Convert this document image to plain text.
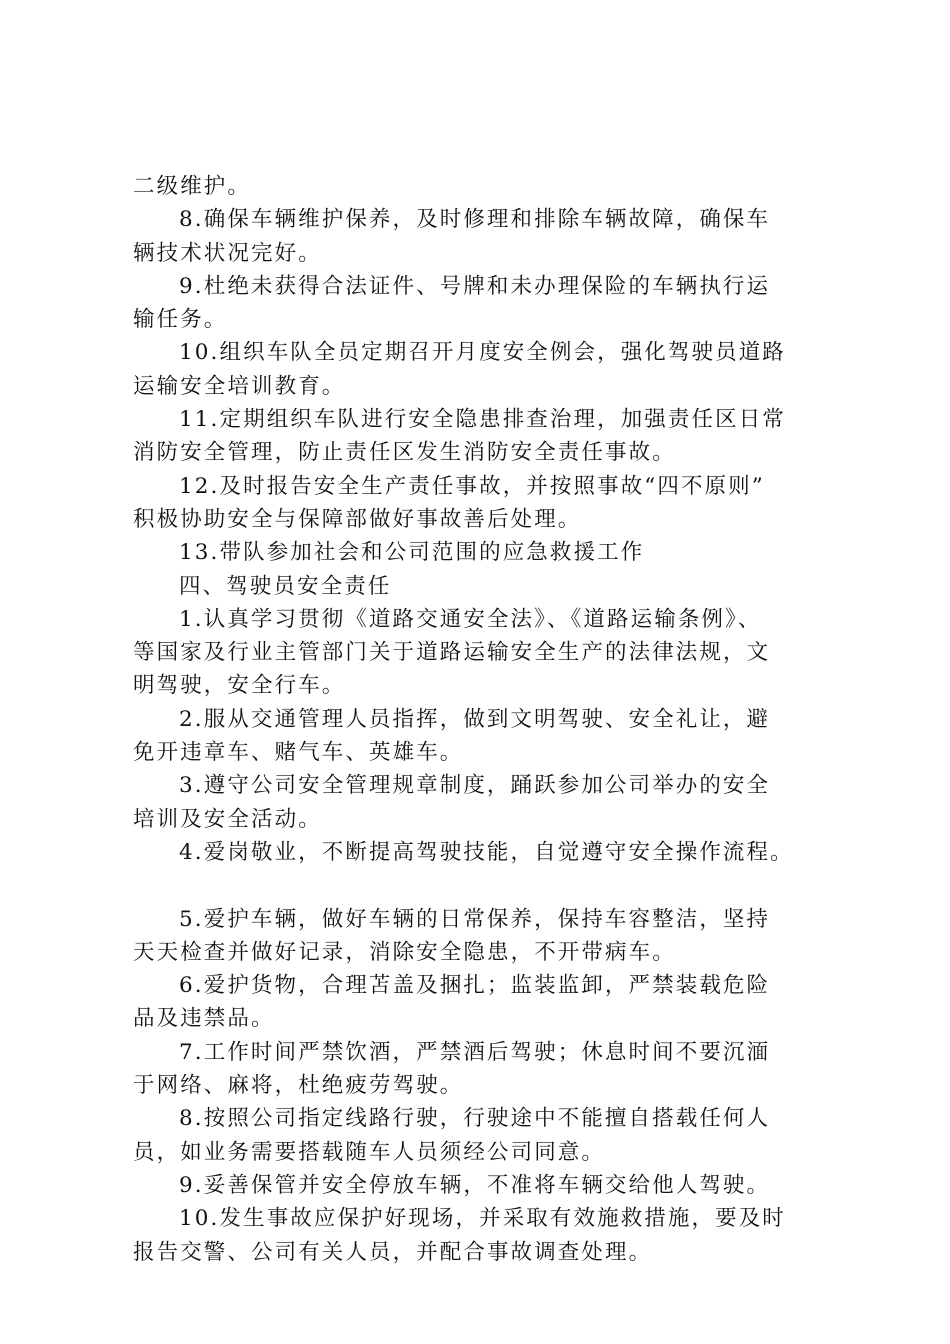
二级维护。
8.确保车辆维护保养，及时修理和排除车辆故障，确保车
辆技术状况完好。
9.杜绝未获得合法证件、号牌和未办理保险的车辆执行运
输任务。
10.组织车队全员定期召开月度安全例会，强化驾驶员道路
运输安全培训教育。
11.定期组织车队进行安全隐患排查治理，加强责任区日常
消防安全管理，防止责任区发生消防安全责任事故。
12.及时报告安全生产责任事故，并按照事故“四不原则”
积极协助安全与保障部做好事故善后处理。
13.带队参加社会和公司范围的应急救援工作
四、驾驶员安全责任
1.认真学习贯彻《道路交通安全法》、《道路运输条例》、
等国家及行业主管部门关于道路运输安全生产的法律法规，文
明驾驶，安全行车。
2.服从交通管理人员指挥，做到文明驾驶、安全礼让，避
免开违章车、赌气车、英雄车。
3.遵守公司安全管理规章制度，踊跃参加公司举办的安全
培训及安全活动。
4.爱岗敬业，不断提高驾驶技能，自觉遵守安全操作流程。
5.爱护车辆，做好车辆的日常保养，保持车容整洁，坚持
天天检查并做好记录，消除安全隐患，不开带病车。
6.爱护货物，合理苫盖及捆扎；监装监卸，严禁装载危险
品及违禁品。
7.工作时间严禁饮酒，严禁酒后驾驶；休息时间不要沉湎
于网络、麻将，杜绝疲劳驾驶。
8.按照公司指定线路行驶，行驶途中不能擅自搭载任何人
员，如业务需要搭载随车人员须经公司同意。
9.妥善保管并安全停放车辆，不准将车辆交给他人驾驶。
10.发生事故应保护好现场，并采取有效施救措施，要及时
报告交警、公司有关人员，并配合事故调查处理。
